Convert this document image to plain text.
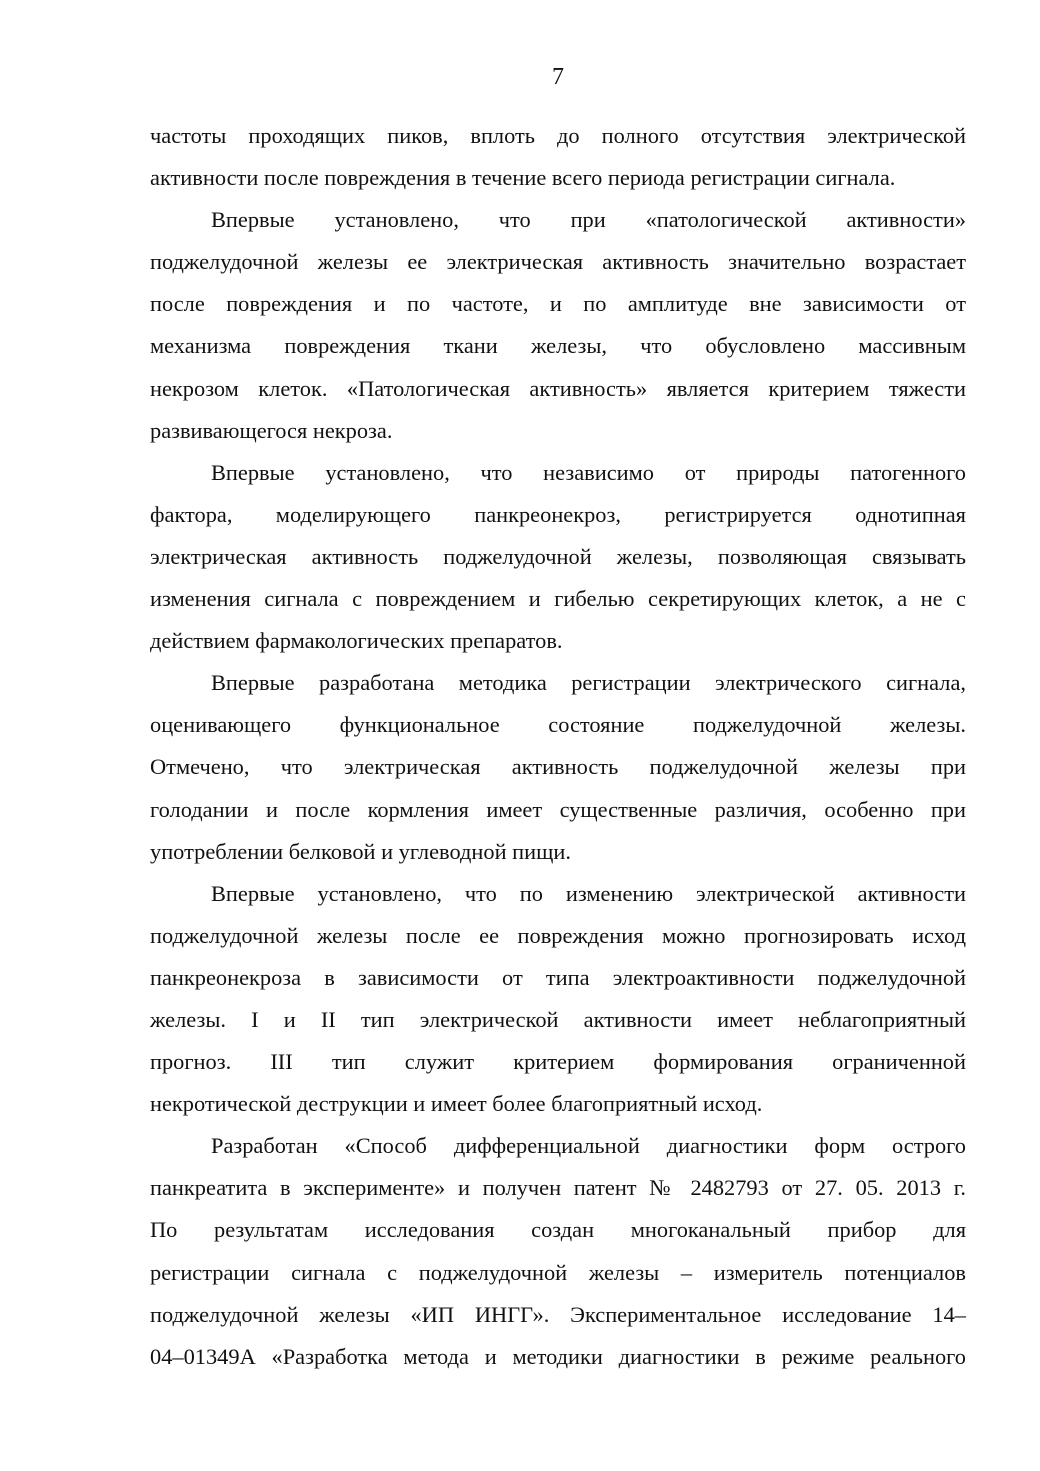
7
частоты проходящих пиков, вплоть до полного отсутствия электрической
активности после повреждения в течение всего периода регистрации сигнала.
Впервые установлено, что при «патологической активности»
поджелудочной железы ее электрическая активность значительно возрастает
после повреждения и по частоте, и по амплитуде вне зависимости от
механизма повреждения ткани железы, что обусловлено массивным
некрозом клеток. «Патологическая активность» является критерием тяжести
развивающегося некроза.
Впервые установлено, что независимо от природы патогенного
фактора, моделирующего панкреонекроз, регистрируется однотипная
электрическая активность поджелудочной железы, позволяющая связывать
изменения сигнала с повреждением и гибелью секретирующих клеток, а не с
действием фармакологических препаратов.
Впервые разработана методика регистрации электрического сигнала,
оценивающего функциональное состояние поджелудочной железы.
Отмечено, что электрическая активность поджелудочной железы при
голодании и после кормления имеет существенные различия, особенно при
употреблении белковой и углеводной пищи.
Впервые установлено, что по изменению электрической активности
поджелудочной железы после ее повреждения можно прогнозировать исход
панкреонекроза в зависимости от типа электроактивности поджелудочной
железы. I и II тип электрической активности имеет неблагоприятный
прогноз. III тип служит критерием формирования ограниченной
некротической деструкции и имеет более благоприятный исход.
Разработан «Способ дифференциальной диагностики форм острого
панкреатита в эксперименте» и получен патент № 2482793 от 27. 05. 2013 г.
По результатам исследования создан многоканальный прибор для
регистрации сигнала с поджелудочной железы – измеритель потенциалов
поджелудочной железы «ИП ИНГГ». Экспериментальное исследование 14–
04–01349А «Разработка метода и методики диагностики в режиме реального
